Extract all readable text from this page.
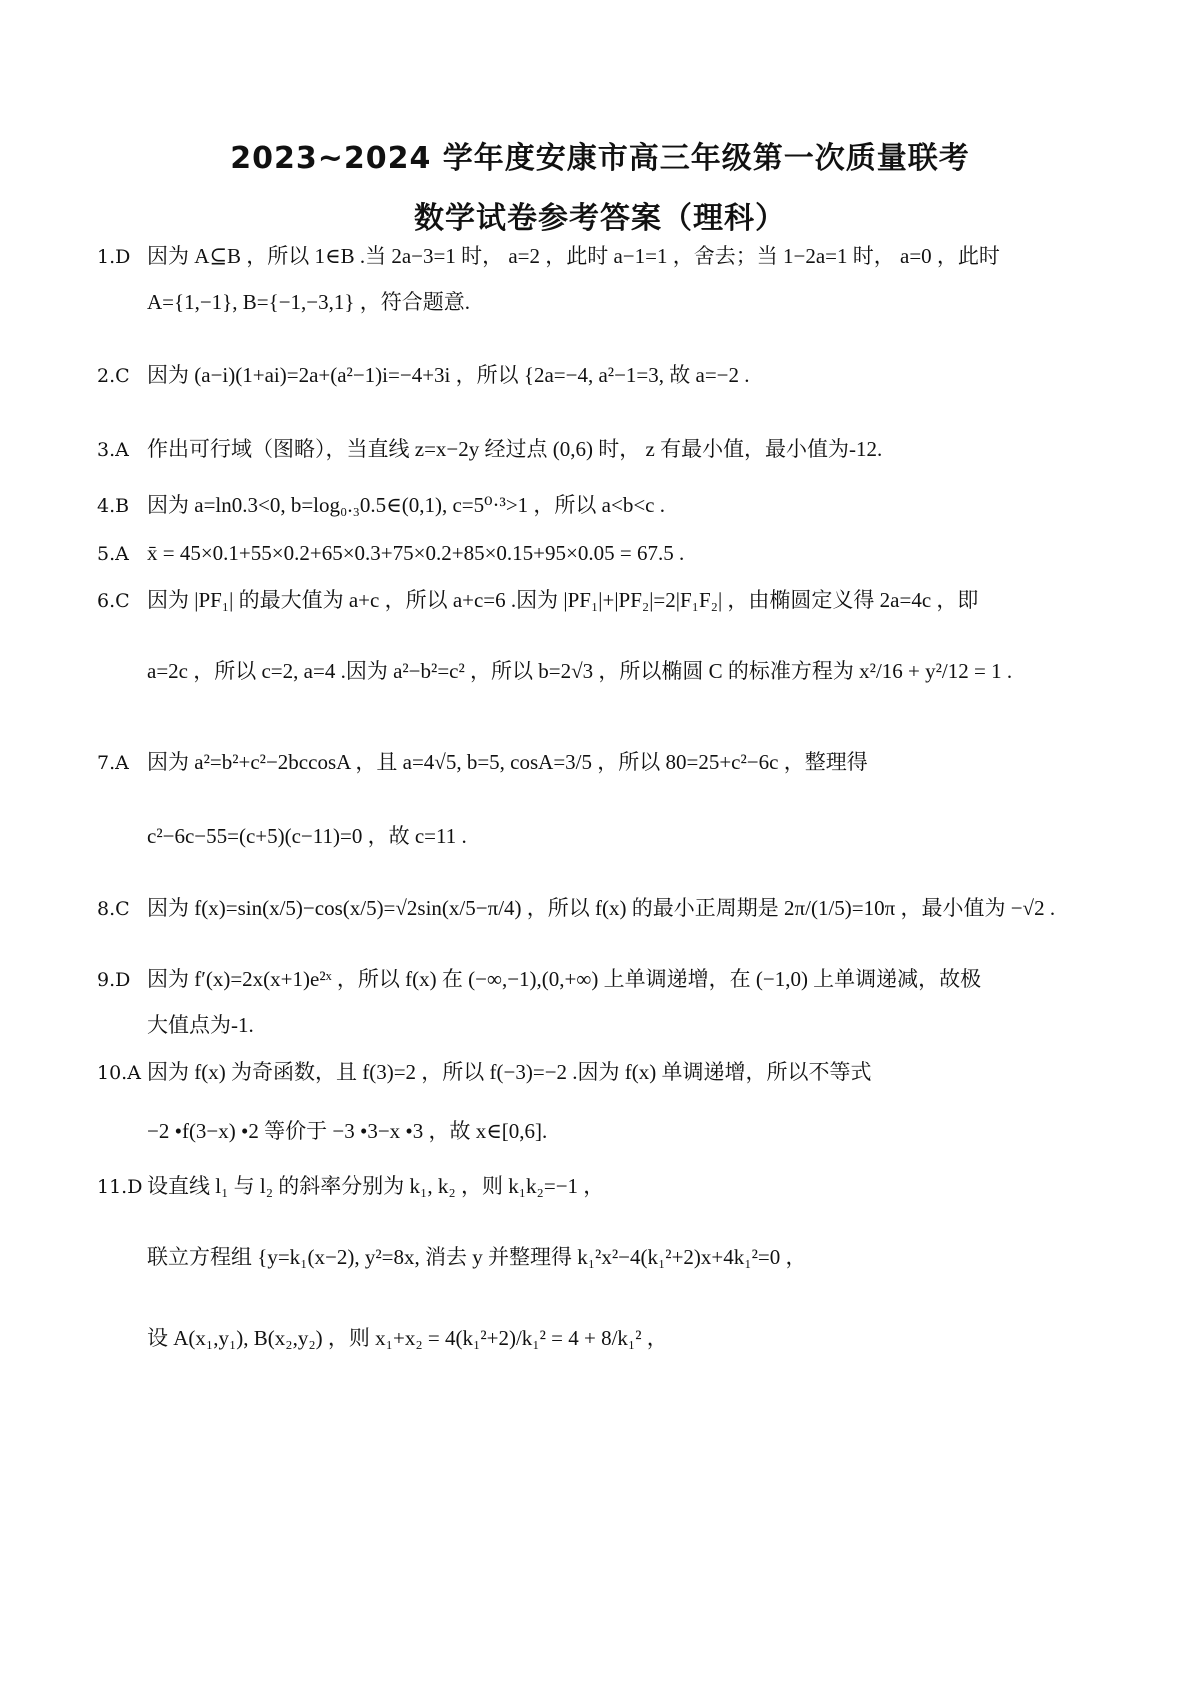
2023~2024 学年度安康市高三年级第一次质量联考
数学试卷参考答案（理科）
1.D 因为 A⊆B ，所以 1∈B .当 2a−3=1 时， a=2 ，此时 a−1=1 ，舍去；当 1−2a=1 时， a=0 ，此时
A={1,−1}, B={−1,−3,1} ，符合题意.
2.C 因为 (a−i)(1+ai)=2a+(a²−1)i=−4+3i ，所以 {2a=−4, a²−1=3, 故 a=−2 .
3.A 作出可行域（图略），当直线 z=x−2y 经过点 (0,6) 时， z 有最小值，最小值为-12.
4.B 因为 a=ln0.3<0, b=log₀.₃0.5∈(0,1), c=5⁰·³>1 ，所以 a<b<c .
5.A x̄ = 45×0.1+55×0.2+65×0.3+75×0.2+85×0.15+95×0.05 = 67.5 .
6.C 因为 |PF₁| 的最大值为 a+c ，所以 a+c=6 .因为 |PF₁|+|PF₂|=2|F₁F₂| ，由椭圆定义得 2a=4c ，即
a=2c ，所以 c=2, a=4 .因为 a²−b²=c² ，所以 b=2√3 ，所以椭圆 C 的标准方程为 x²/16 + y²/12 = 1 .
7.A 因为 a²=b²+c²−2bccosA ，且 a=4√5, b=5, cosA=3/5 ，所以 80=25+c²−6c ，整理得
c²−6c−55=(c+5)(c−11)=0 ，故 c=11 .
8.C 因为 f(x)=sin(x/5)−cos(x/5)=√2sin(x/5−π/4) ，所以 f(x) 的最小正周期是 2π/(1/5)=10π ，最小值为 −√2 .
9.D 因为 f′(x)=2x(x+1)e²ˣ ，所以 f(x) 在 (−∞,−1),(0,+∞) 上单调递增，在 (−1,0) 上单调递减，故极
大值点为-1.
10.A 因为 f(x) 为奇函数，且 f(3)=2 ，所以 f(−3)=−2 .因为 f(x) 单调递增，所以不等式
−2 •f(3−x) •2 等价于 −3 •3−x •3 ，故 x∈[0,6].
11.D 设直线 l₁ 与 l₂ 的斜率分别为 k₁, k₂ ，则 k₁k₂=−1 ，
联立方程组 {y=k₁(x−2), y²=8x, 消去 y 并整理得 k₁²x²−4(k₁²+2)x+4k₁²=0 ，
设 A(x₁,y₁), B(x₂,y₂) ，则 x₁+x₂ = 4(k₁²+2)/k₁² = 4 + 8/k₁² ，
